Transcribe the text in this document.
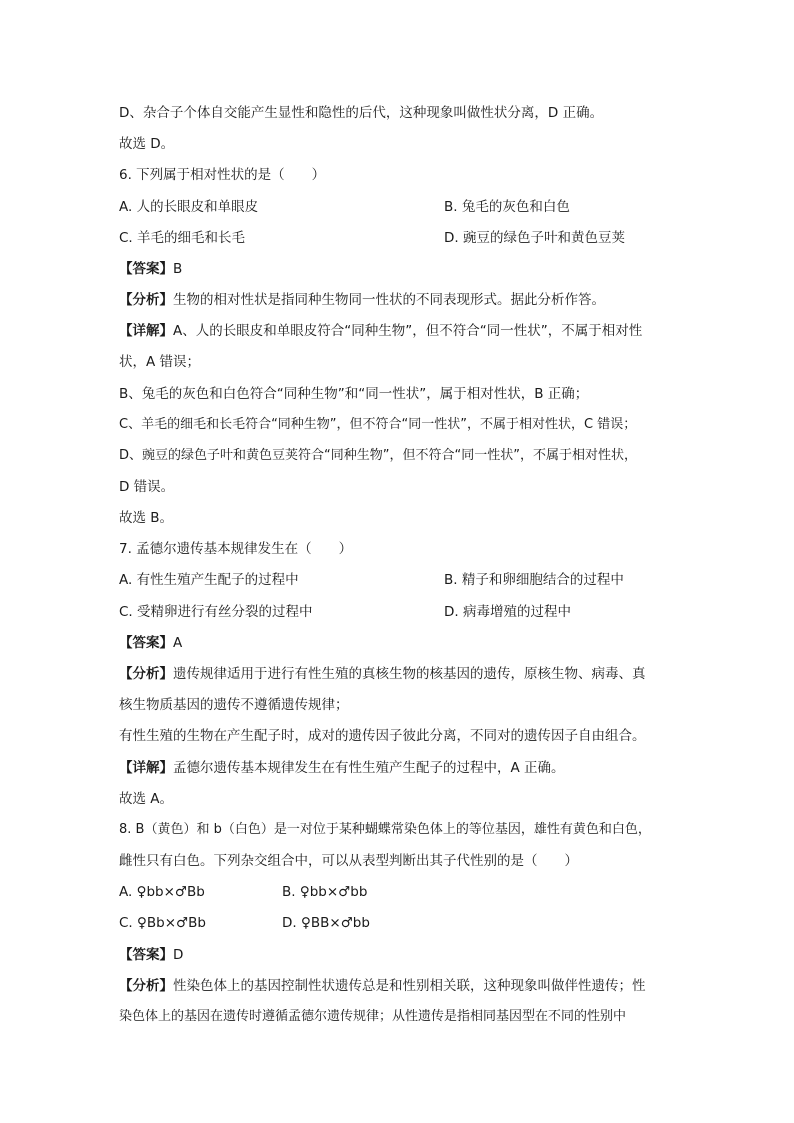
D、杂合子个体自交能产生显性和隐性的后代，这种现象叫做性状分离，D 正确。
故选 D。
6. 下列属于相对性状的是（　　）
A. 人的长眼皮和单眼皮	B. 兔毛的灰色和白色
C. 羊毛的细毛和长毛	D. 豌豆的绿色子叶和黄色豆荚
【答案】B
【分析】生物的相对性状是指同种生物同一性状的不同表现形式。据此分析作答。
【详解】A、人的长眼皮和单眼皮符合“同种生物”，但不符合“同一性状”，不属于相对性
状，A 错误；
B、兔毛的灰色和白色符合“同种生物”和“同一性状”，属于相对性状，B 正确；
C、羊毛的细毛和长毛符合“同种生物”，但不符合“同一性状”，不属于相对性状，C 错误；
D、豌豆的绿色子叶和黄色豆荚符合“同种生物”，但不符合“同一性状”，不属于相对性状，
D 错误。
故选 B。
7. 孟德尔遗传基本规律发生在（　　）
A. 有性生殖产生配子的过程中	B. 精子和卵细胞结合的过程中
C. 受精卵进行有丝分裂的过程中	D. 病毒增殖的过程中
【答案】A
【分析】遗传规律适用于进行有性生殖的真核生物的核基因的遗传，原核生物、病毒、真
核生物质基因的遗传不遵循遗传规律；
有性生殖的生物在产生配子时，成对的遗传因子彼此分离，不同对的遗传因子自由组合。
【详解】孟德尔遗传基本规律发生在有性生殖产生配子的过程中，A 正确。
故选 A。
8. B（黄色）和 b（白色）是一对位于某种蝴蝶常染色体上的等位基因，雄性有黄色和白色，
雌性只有白色。下列杂交组合中，可以从表型判断出其子代性别的是（　　）
A. ♀bb×♂Bb	B. ♀bb×♂bb
C. ♀Bb×♂Bb	D. ♀BB×♂bb
【答案】D
【分析】性染色体上的基因控制性状遗传总是和性别相关联，这种现象叫做伴性遗传；性
染色体上的基因在遗传时遵循孟德尔遗传规律；从性遗传是指相同基因型在不同的性别中
